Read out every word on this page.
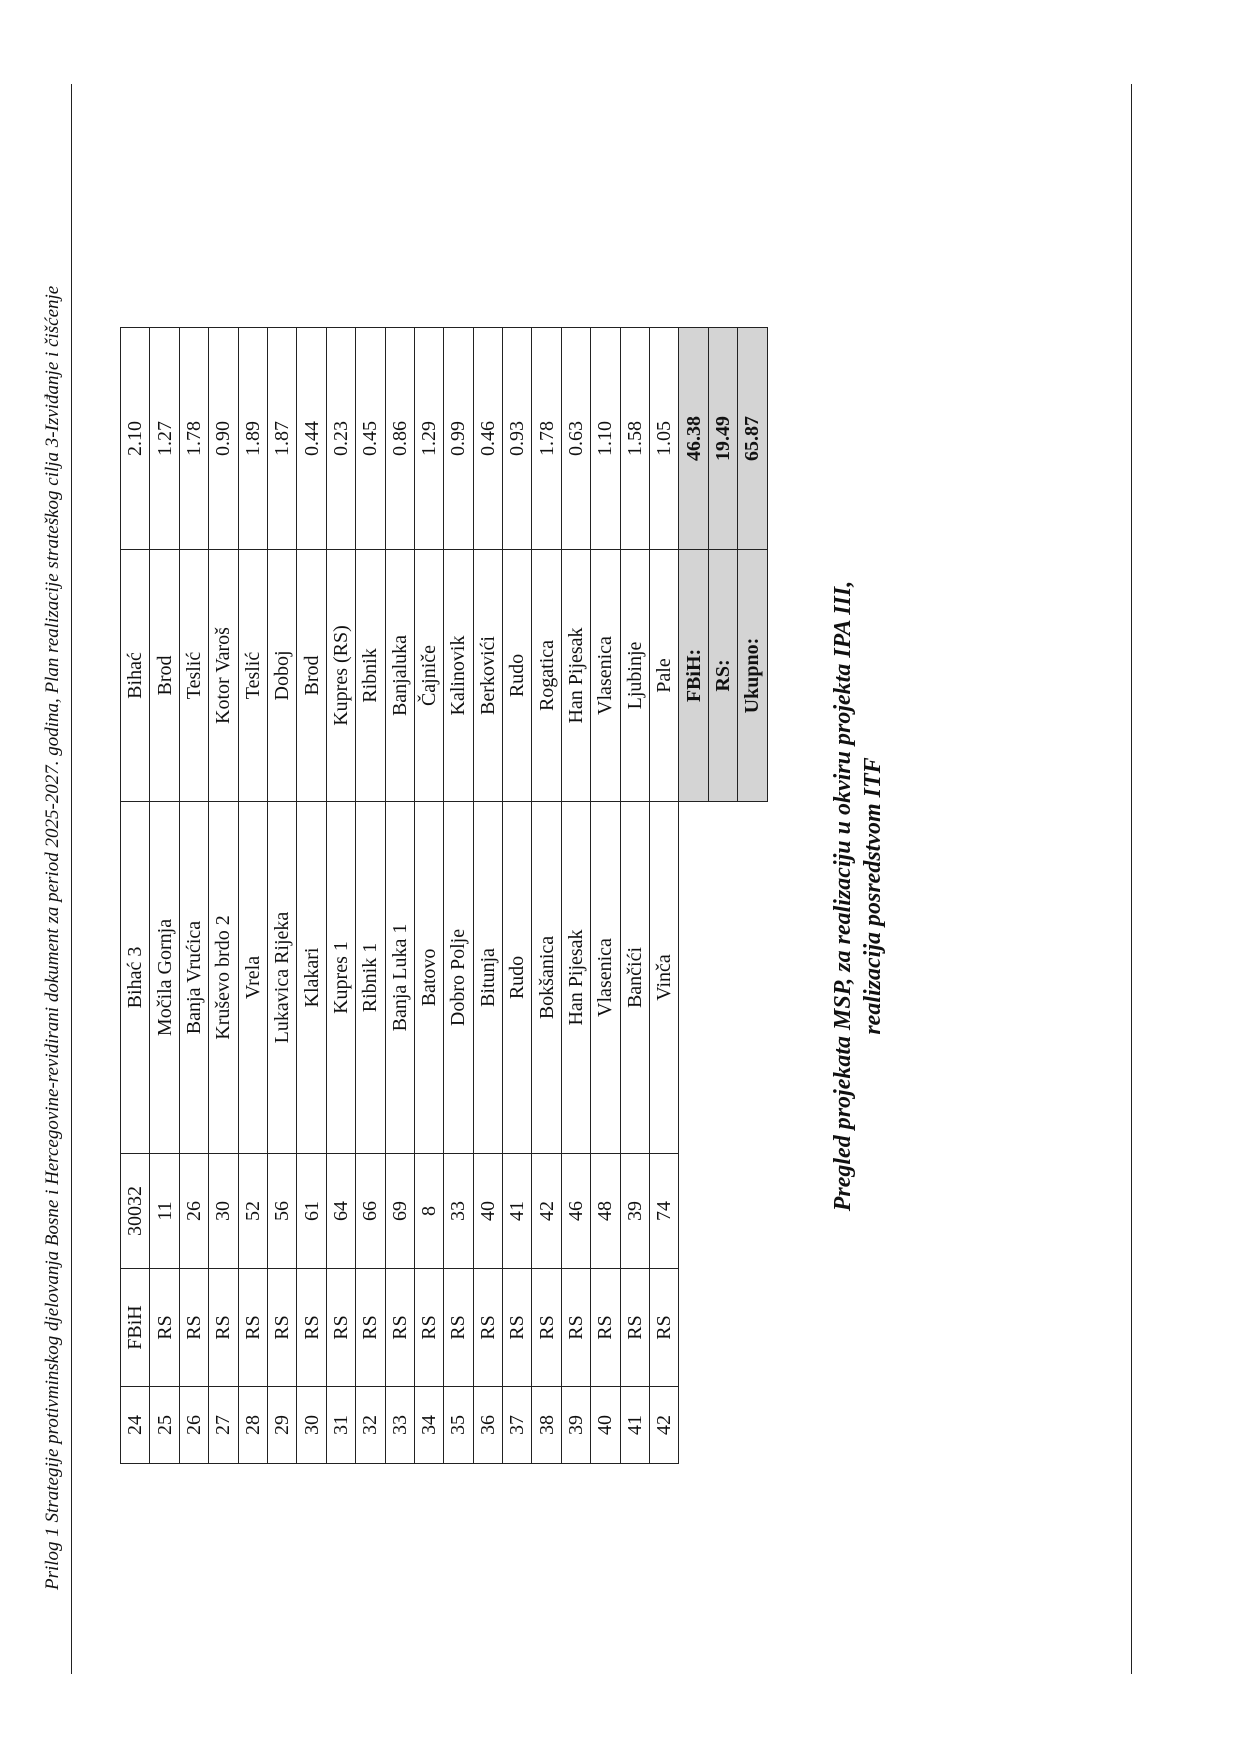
Prilog 1 Strategije protivminskog djelovanja Bosne i Hercegovine-revidirani dokument za period 2025-2027. godina, Plan realizacije strateškog cilja 3-Izviđanje i čišćenje	24	FBiH	30032	Bihać 3	Bihać	2.10
25	RS	11	Močila Gornja	Brod	1.27
26	RS	26	Banja Vrućica	Teslić	1.78
27	RS	30	Kruševo brdo 2	Kotor Varoš	0.90
28	RS	52	Vrela	Teslić	1.89
29	RS	56	Lukavica Rijeka	Doboj	1.87
30	RS	61	Klakari	Brod	0.44
31	RS	64	Kupres 1	Kupres (RS)	0.23
32	RS	66	Ribnik 1	Ribnik	0.45
33	RS	69	Banja Luka 1	Banjaluka	0.86
34	RS	8	Batovo	Čajniče	1.29
35	RS	33	Dobro Polje	Kalinovik	0.99
36	RS	40	Bitunja	Berkovići	0.46
37	RS	41	Rudo	Rudo	0.93
38	RS	42	Bokšanica	Rogatica	1.78
39	RS	46	Han Pijesak	Han Pijesak	0.63
40	RS	48	Vlasenica	Vlasenica	1.10
41	RS	39	Bančići	Ljubinje	1.58
42	RS	74	Vinča	Pale	1.05
				FBiH:	46.38
				RS:	19.49
				Ukupno:	65.87
Pregled projekata MSP, za realizaciju u okviru projekta IPA III, realizacija posredstvom ITF
